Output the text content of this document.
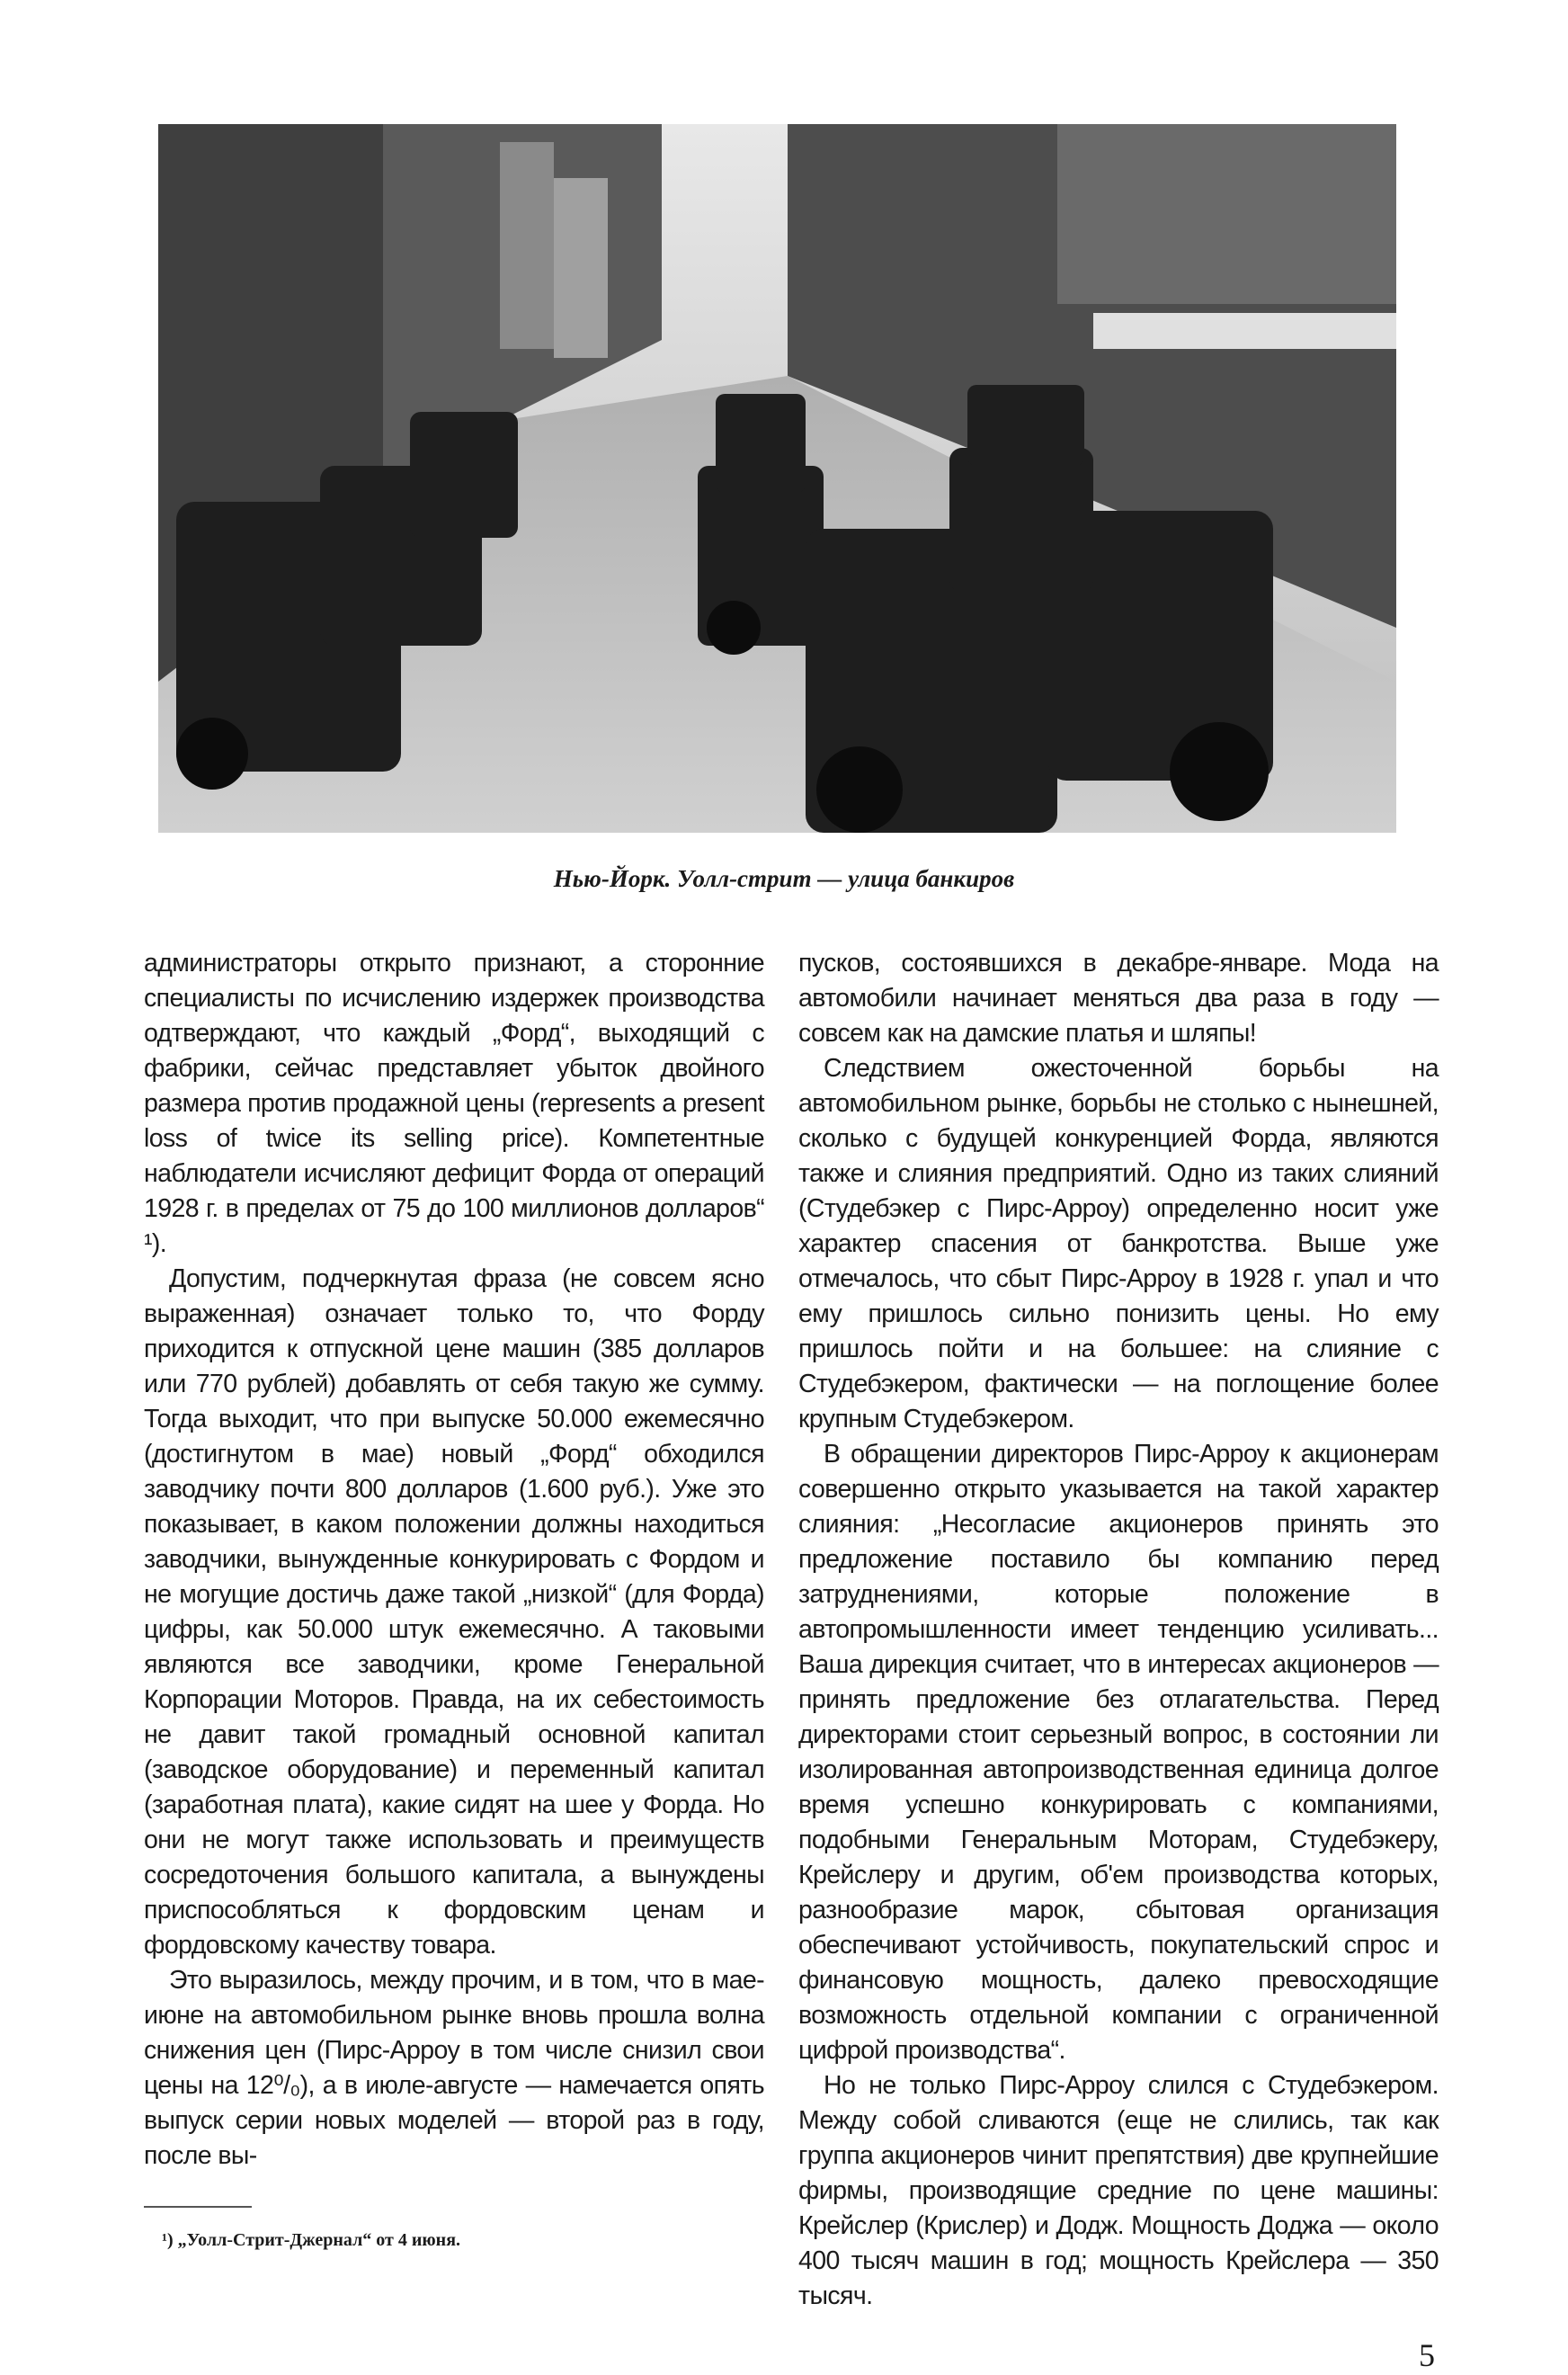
Нью-Йорк. Уолл-стрит — улица банкиров

администраторы открыто признают, а сторонние специалисты по исчислению издержек производства одтверждают, что каждый „Форд“, выходящий с фабрики, сейчас представляет убыток двойного размера против продажной цены (represents a present loss of twice its selling price). Компетентные наблюдатели исчисляют дефицит Форда от операций 1928 г. в пределах от 75 до 100 миллионов долларов“ ¹).

Допустим, подчеркнутая фраза (не совсем ясно выраженная) означает только то, что Форду приходится к отпускной цене машин (385 долларов или 770 рублей) добавлять от себя такую же сумму. Тогда выходит, что при выпуске 50.000 ежемесячно (достигнутом в мае) новый „Форд“ обходился заводчику почти 800 долларов (1.600 руб.). Уже это показывает, в каком положении должны находиться заводчики, вынужденные конкурировать с Фордом и не могущие достичь даже такой „низкой“ (для Форда) цифры, как 50.000 штук ежемесячно. А таковыми являются все заводчики, кроме Генеральной Корпорации Моторов. Правда, на их себестоимость не давит такой громадный основной капитал (заводское оборудование) и переменный капитал (заработная плата), какие сидят на шее у Форда. Но они не могут также использовать и преимуществ сосредоточения большого капитала, а вынуждены приспособляться к фордовским ценам и фордовскому качеству товара.

Это выразилось, между прочим, и в том, что в мае-июне на автомобильном рынке вновь прошла волна снижения цен (Пирс-Арроу в том числе снизил свои цены на 12⁰/₀), а в июле-августе — намечается опять выпуск серии новых моделей — второй раз в году, после вы-

¹) „Уолл-Стрит-Джернал“ от 4 июня.

пусков, состоявшихся в декабре-январе. Мода на автомобили начинает меняться два раза в году — совсем как на дамские платья и шляпы!

Следствием ожесточенной борьбы на автомобильном рынке, борьбы не столько с нынешней, сколько с будущей конкуренцией Форда, являются также и слияния предприятий. Одно из таких слияний (Студебэкер с Пирс-Арроу) определенно носит уже характер спасения от банкротства. Выше уже отмечалось, что сбыт Пирс-Арроу в 1928 г. упал и что ему пришлось сильно понизить цены. Но ему пришлось пойти и на большее: на слияние с Студебэкером, фактически — на поглощение более крупным Студебэкером.

В обращении директоров Пирс-Арроу к акционерам совершенно открыто указывается на такой характер слияния: „Несогласие акционеров принять это предложение поставило бы компанию перед затруднениями, которые положение в автопромышленности имеет тенденцию усиливать... Ваша дирекция считает, что в интересах акционеров — принять предложение без отлагательства. Перед директорами стоит серьезный вопрос, в состоянии ли изолированная автопроизводственная единица долгое время успешно конкурировать с компаниями, подобными Генеральным Моторам, Студебэкеру, Крейслеру и другим, об'ем производства которых, разнообразие марок, сбытовая организация обеспечивают устойчивость, покупательский спрос и финансовую мощность, далеко превосходящие возможность отдельной компании с ограниченной цифрой производства“.

Но не только Пирс-Арроу слился с Студебэкером. Между собой сливаются (еще не слились, так как группа акционеров чинит препятствия) две крупнейшие фирмы, производящие средние по цене машины: Крейслер (Крислер) и Додж. Мощность Доджа — около 400 тысяч машин в год; мощность Крейслера — 350 тысяч.

5
